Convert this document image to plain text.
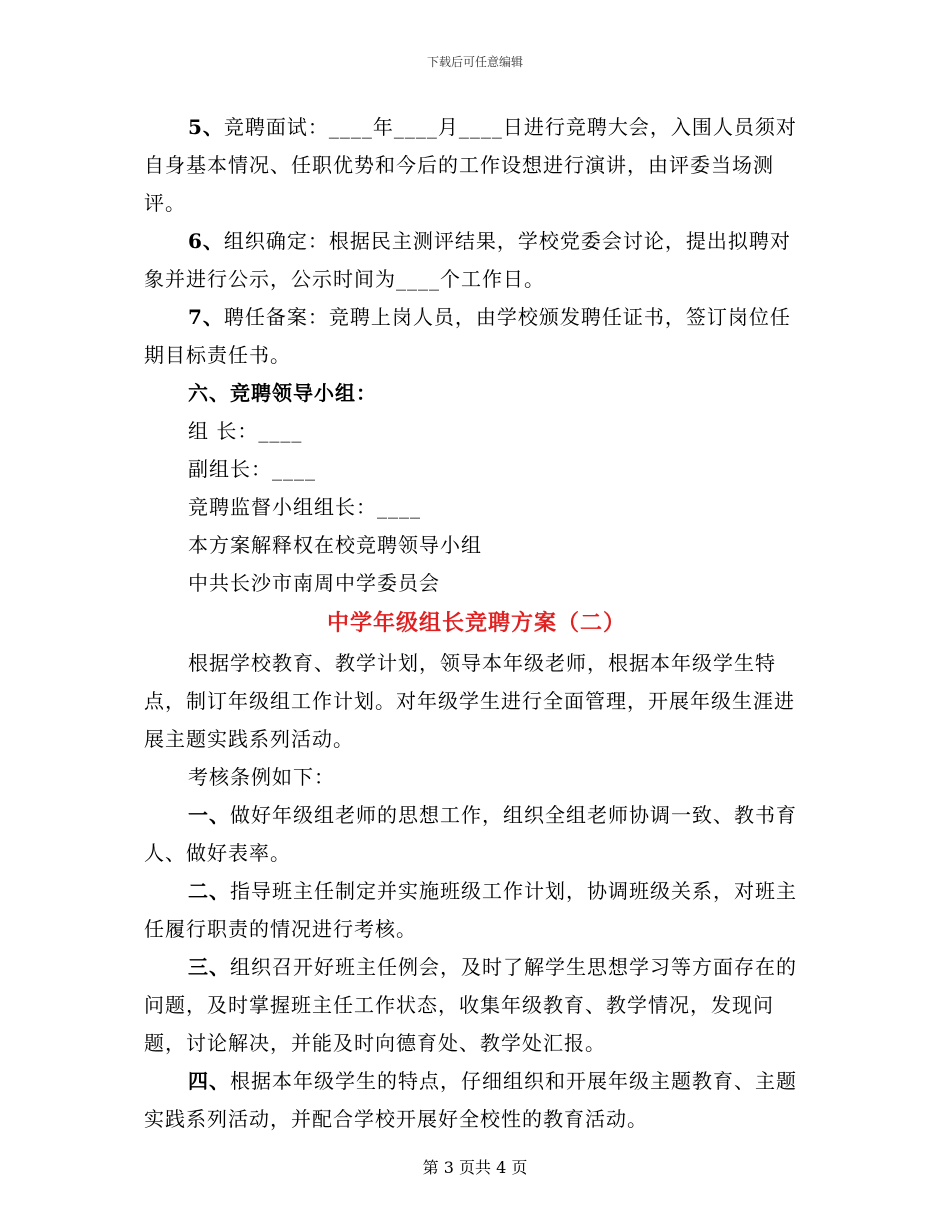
下载后可任意编辑
5、竞聘面试：____年____月____日进行竞聘大会，入围人员须对自身基本情况、任职优势和今后的工作设想进行演讲，由评委当场测评。
6、组织确定：根据民主测评结果，学校党委会讨论，提出拟聘对象并进行公示，公示时间为____个工作日。
7、聘任备案：竞聘上岗人员，由学校颁发聘任证书，签订岗位任期目标责任书。
六、竞聘领导小组：
组 长：____
副组长：____
竞聘监督小组组长：____
本方案解释权在校竞聘领导小组
中共长沙市南周中学委员会
中学年级组长竞聘方案（二）
根据学校教育、教学计划，领导本年级老师，根据本年级学生特点，制订年级组工作计划。对年级学生进行全面管理，开展年级生涯进展主题实践系列活动。
考核条例如下：
一、做好年级组老师的思想工作，组织全组老师协调一致、教书育人、做好表率。
二、指导班主任制定并实施班级工作计划，协调班级关系，对班主任履行职责的情况进行考核。
三、组织召开好班主任例会，及时了解学生思想学习等方面存在的问题，及时掌握班主任工作状态，收集年级教育、教学情况，发现问题，讨论解决，并能及时向德育处、教学处汇报。
四、根据本年级学生的特点，仔细组织和开展年级主题教育、主题实践系列活动，并配合学校开展好全校性的教育活动。
第 3 页共 4 页
